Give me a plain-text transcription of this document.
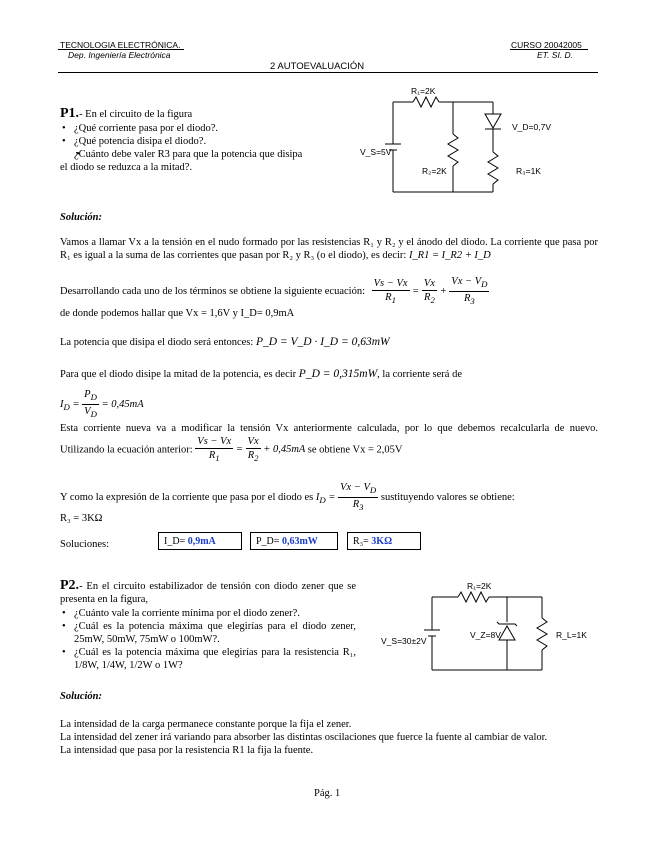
TECNOLOGIA ELECTRÓNICA.
Dep. Ingeniería Electrónica
CURSO 20042005
ET. SI. D.
2 AUTOEVALUACIÓN
P1.- En el circuito de la figura
• ¿Qué corriente pasa por el diodo?.
• ¿Qué potencia disipa el diodo?.
• ¿Cuánto debe valer R3 para que la potencia que disipa el diodo se reduzca a la mitad?.
R₁=2K
V_D=0,7V
V_S=5V
R₂=2K	R₃=1K
Solución:
Vamos a llamar Vx a la tensión en el nudo formado por las resistencias R₁ y R₂ y el ánodo del diodo. La corriente que pasa por R₁ es igual a la suma de las corrientes que pasan por R₂ y R₃ (o el diodo), es decir: I_R1 = I_R2 + I_D
Desarrollando cada uno de los términos se obtiene la siguiente ecuación: $\frac{Vs - Vx}{R_1} = \frac{Vx}{R_2} + \frac{Vx - V_D}{R_3}$
de donde podemos hallar que Vx = 1,6V y I_D= 0,9mA
La potencia que disipa el diodo será entonces: P_D = V_D · I_D = 0,63mW
Para que el diodo disipe la mitad de la potencia, es decir P_D = 0,315mW, la corriente será de
$I_D = \frac{P_D}{V_D} = 0,45mA$
Esta corriente nueva va a modificar la tensión Vx anteriormente calculada, por lo que debemos recalcularla de nuevo. Utilizando la ecuación anterior: $\frac{Vs - Vx}{R_1} = \frac{Vx}{R_2} + 0,45mA$ se obtiene Vx = 2,05V
Y como la expresión de la corriente que pasa por el diodo es $I_D = \frac{Vx - V_D}{R_3}$ sustituyendo valores se obtiene:
R₃ = 3KΩ
Soluciones:	I_D= 0,9mA	P_D= 0,63mW	R₃= 3KΩ
P2.- En el circuito estabilizador de tensión con diodo zener que se presenta en la figura,
• ¿Cuánto vale la corriente mínima por el diodo zener?.
• ¿Cuál es la potencia máxima que elegirías para el diodo zener, 25mW, 50mW, 75mW o 100mW?.
• ¿Cuál es la potencia máxima que elegirías para la resistencia R₁, 1/8W, 1/4W, 1/2W o 1W?
R₁=2K
V_S=30±2V
V_Z=8V	R_L=1K
Solución:
La intensidad de la carga permanece constante porque la fija el zener.
La intensidad del zener irá variando para absorber las distintas oscilaciones que fuerce la fuente al cambiar de valor.
La intensidad que pasa por la resistencia R1 la fija la fuente.
Pág. 1
